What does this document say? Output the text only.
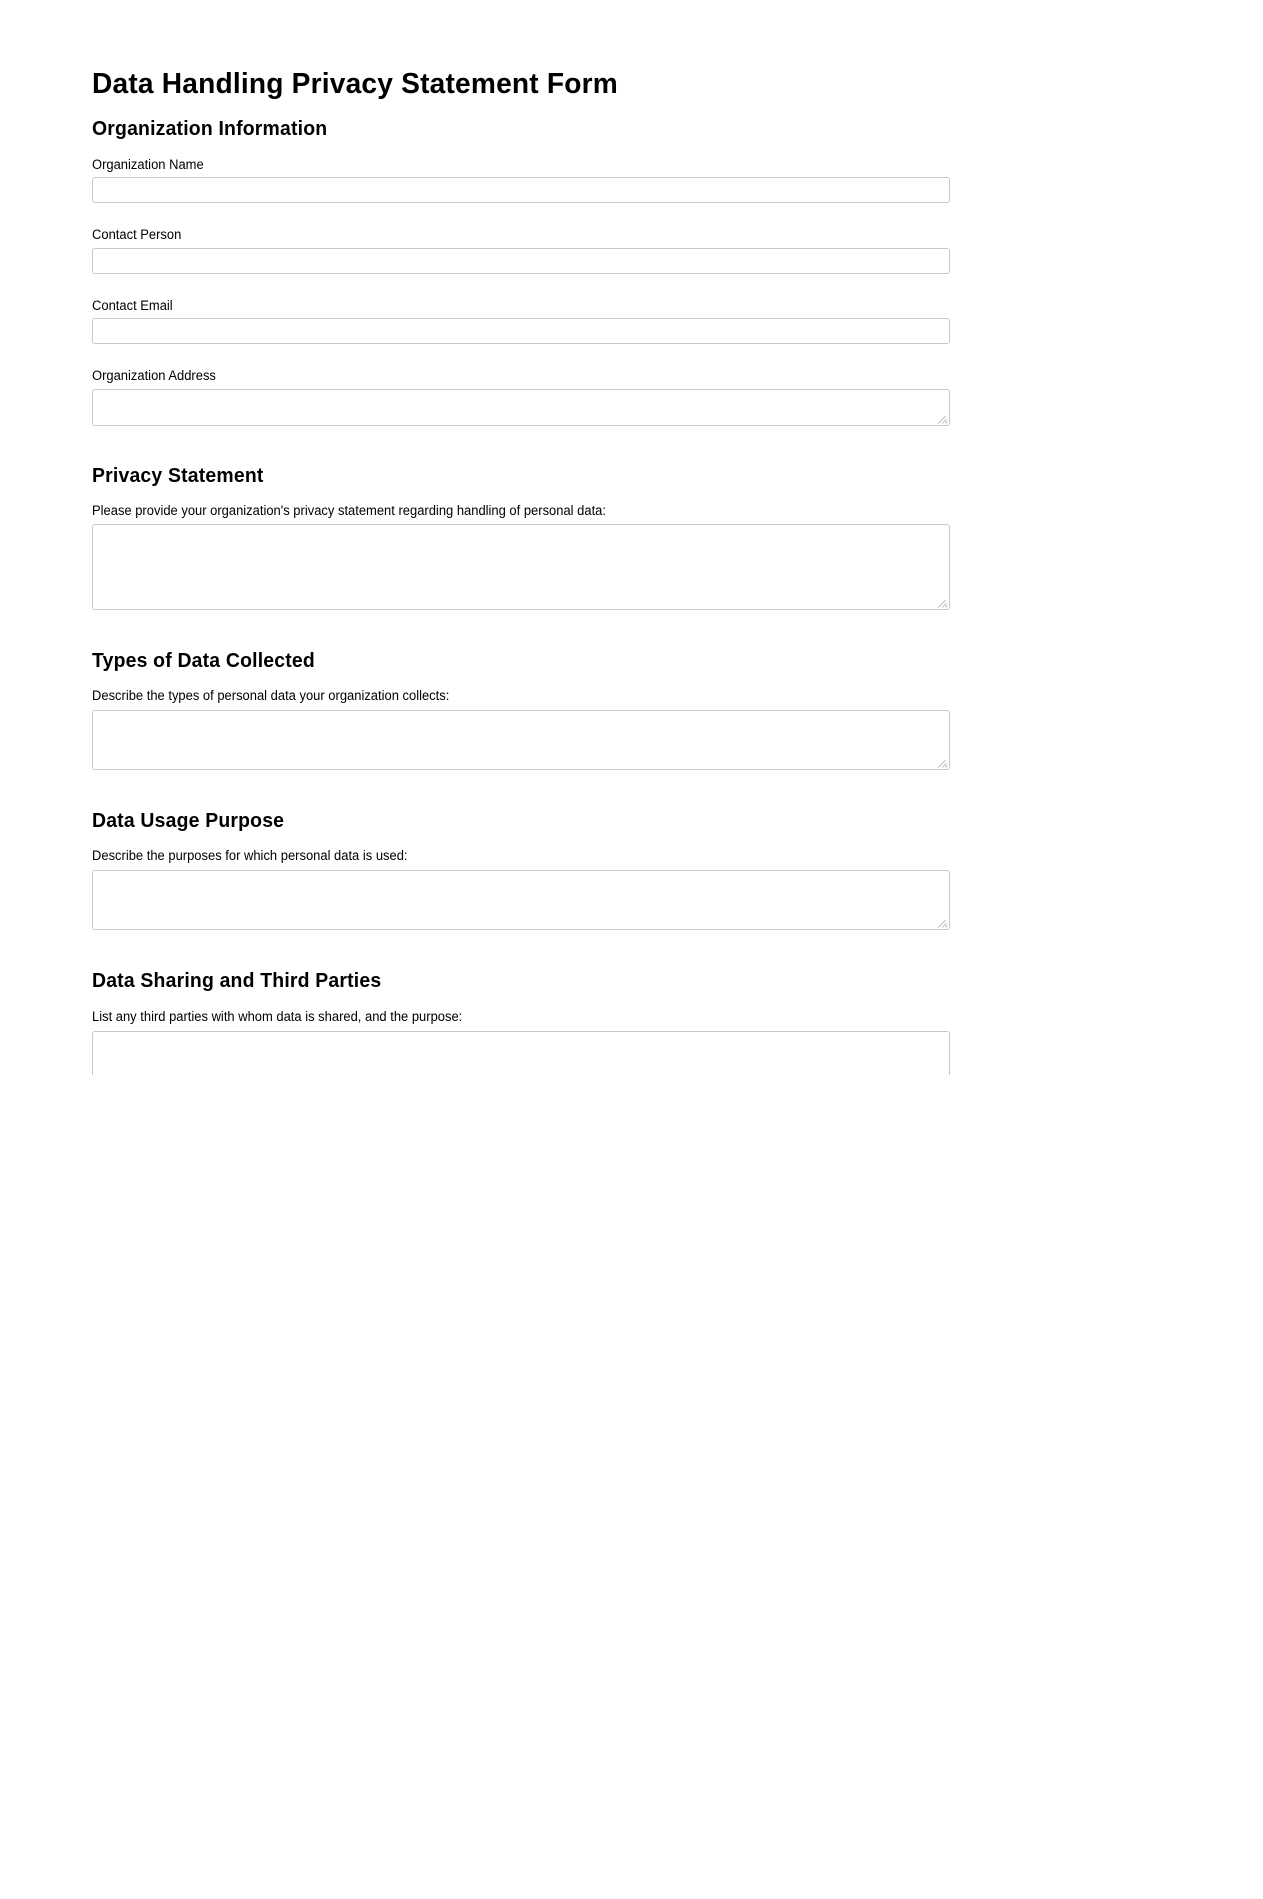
Data Handling Privacy Statement Form
Organization Information
Organization Name
Contact Person
Contact Email
Organization Address
Privacy Statement
Please provide your organization's privacy statement regarding handling of personal data:
Types of Data Collected
Describe the types of personal data your organization collects:
Data Usage Purpose
Describe the purposes for which personal data is used:
Data Sharing and Third Parties
List any third parties with whom data is shared, and the purpose:
